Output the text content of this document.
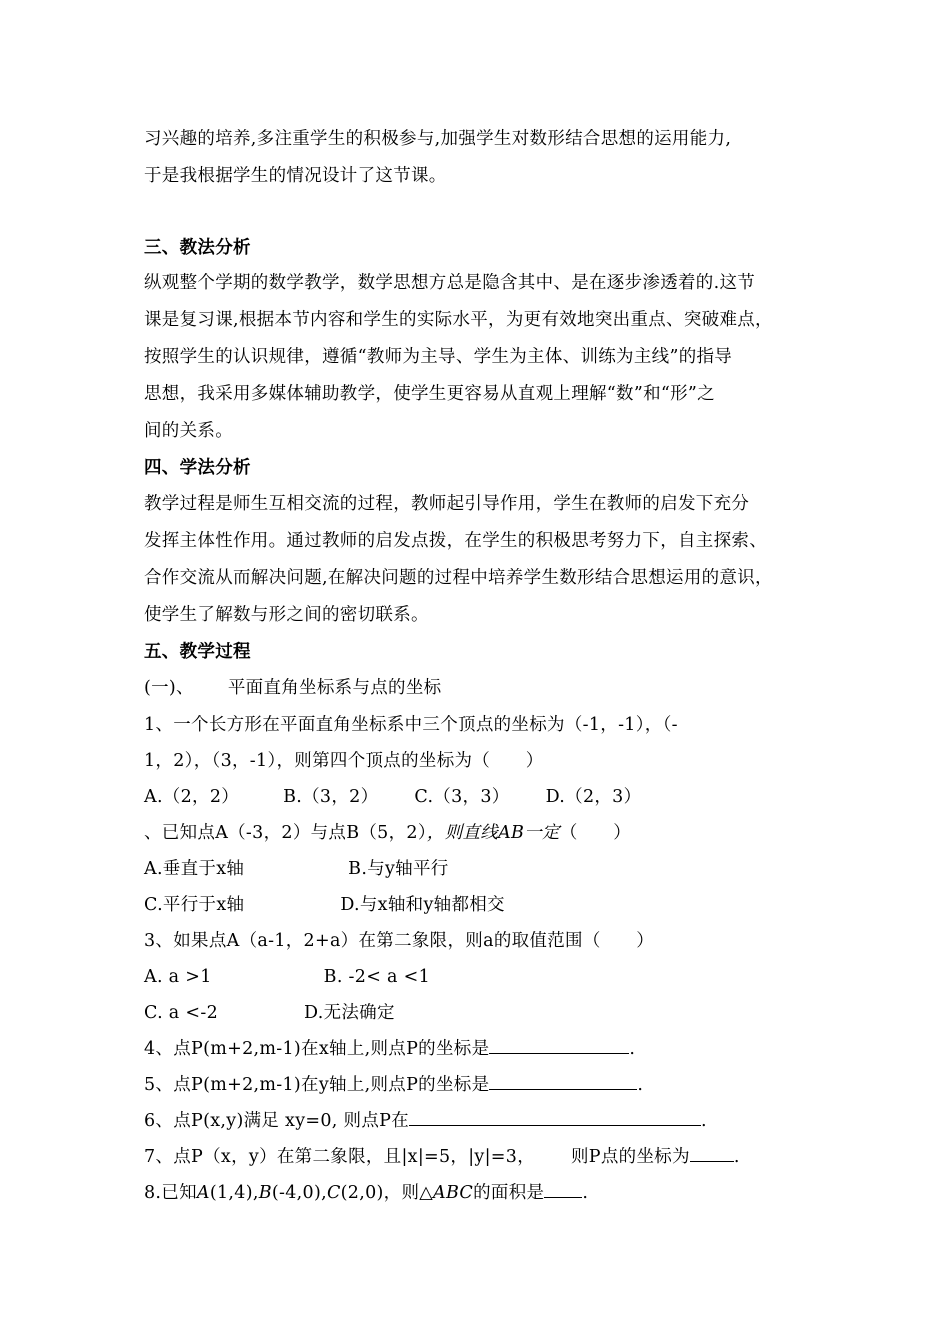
习兴趣的培养,多注重学生的积极参与,加强学生对数形结合思想的运用能力,
于是我根据学生的情况设计了这节课。
三、教法分析
纵观整个学期的数学教学，数学思想方总是隐含其中、是在逐步渗透着的.这节
课是复习课,根据本节内容和学生的实际水平，为更有效地突出重点、突破难点，
按照学生的认识规律，遵循“教师为主导、学生为主体、训练为主线”的指导
思想，我采用多媒体辅助教学，使学生更容易从直观上理解“数”和“形”之
间的关系。
四、学法分析
教学过程是师生互相交流的过程，教师起引导作用，学生在教师的启发下充分
发挥主体性作用。通过教师的启发点拨，在学生的积极思考努力下，自主探索、
合作交流从而解决问题,在解决问题的过程中培养学生数形结合思想运用的意识，
使学生了解数与形之间的密切联系。
五、教学过程
(一)、 平面直角坐标系与点的坐标
1、一个长方形在平面直角坐标系中三个顶点的坐标为（-1，-1），（-
1，2），（3，-1），则第四个顶点的坐标为（　　）
A.（2，2）	B.（3，2） C.（3，3） D.（2，3）
、已知点A（-3，2）与点B（5，2），则直线AB一定（　　）
A.垂直于x轴	B.与y轴平行
C.平行于x轴	D.与x轴和y轴都相交
3、如果点A（a-1，2+a）在第二象限，则a的取值范围（　　）
A. a >1	B. -2< a <1
C. a <-2	D.无法确定
4、点P(m+2,m-1)在x轴上,则点P的坐标是	.
5、点P(m+2,m-1)在y轴上,则点P的坐标是	.
6、点P(x,y)满足 xy=0, 则点P在	.
7、点P（x，y）在第二象限，且|x|=5，|y|=3， 则P点的坐标为	.
8.已知A(1,4),B(-4,0),C(2,0)，则△ABC的面积是 .
